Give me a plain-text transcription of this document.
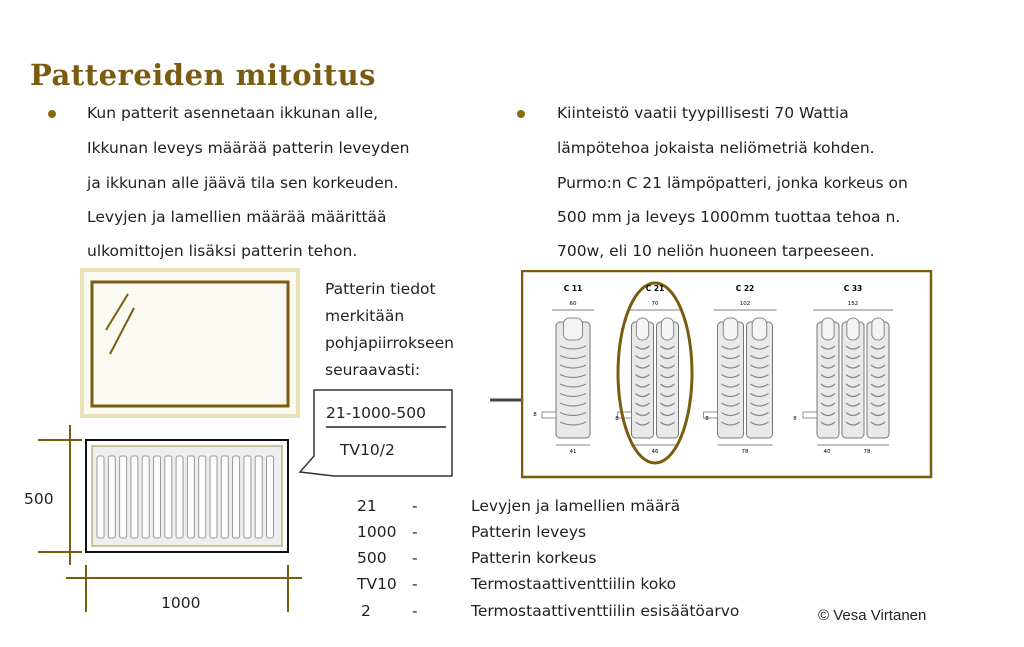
Pattereiden mitoitus
Kun patterit asennetaan ikkunan alle,
Ikkunan leveys määrää patterin leveyden
ja ikkunan alle jäävä tila sen korkeuden.
Levyjen ja lamellien määrää määrittää
ulkomittojen lisäksi patterin tehon.
Kiinteistö vaatii tyypillisesti 70 Wattia
lämpötehoa jokaista neliömetriä kohden.
Purmo:n C 21 lämpöpatteri, jonka korkeus on
500 mm ja leveys 1000mm tuottaa tehoa n.
700w, eli 10 neliön huoneen tarpeeseen.
Patterin tiedot
merkitään
pohjapiirrokseen
seuraavasti:
21-1000-500
TV10/2
500
1000
C 11	C 21	C 22	C 33
60	70	102	152
41	46	78	40	78
8
8	8	8
21 -	Levyjen ja lamellien määrä
1000 -	Patterin leveys
500 -	Patterin korkeus
TV10 -	Termostaattiventtiilin koko
2	-	Termostaattiventtiilin esisäätöarvo	© Vesa Virtanen
